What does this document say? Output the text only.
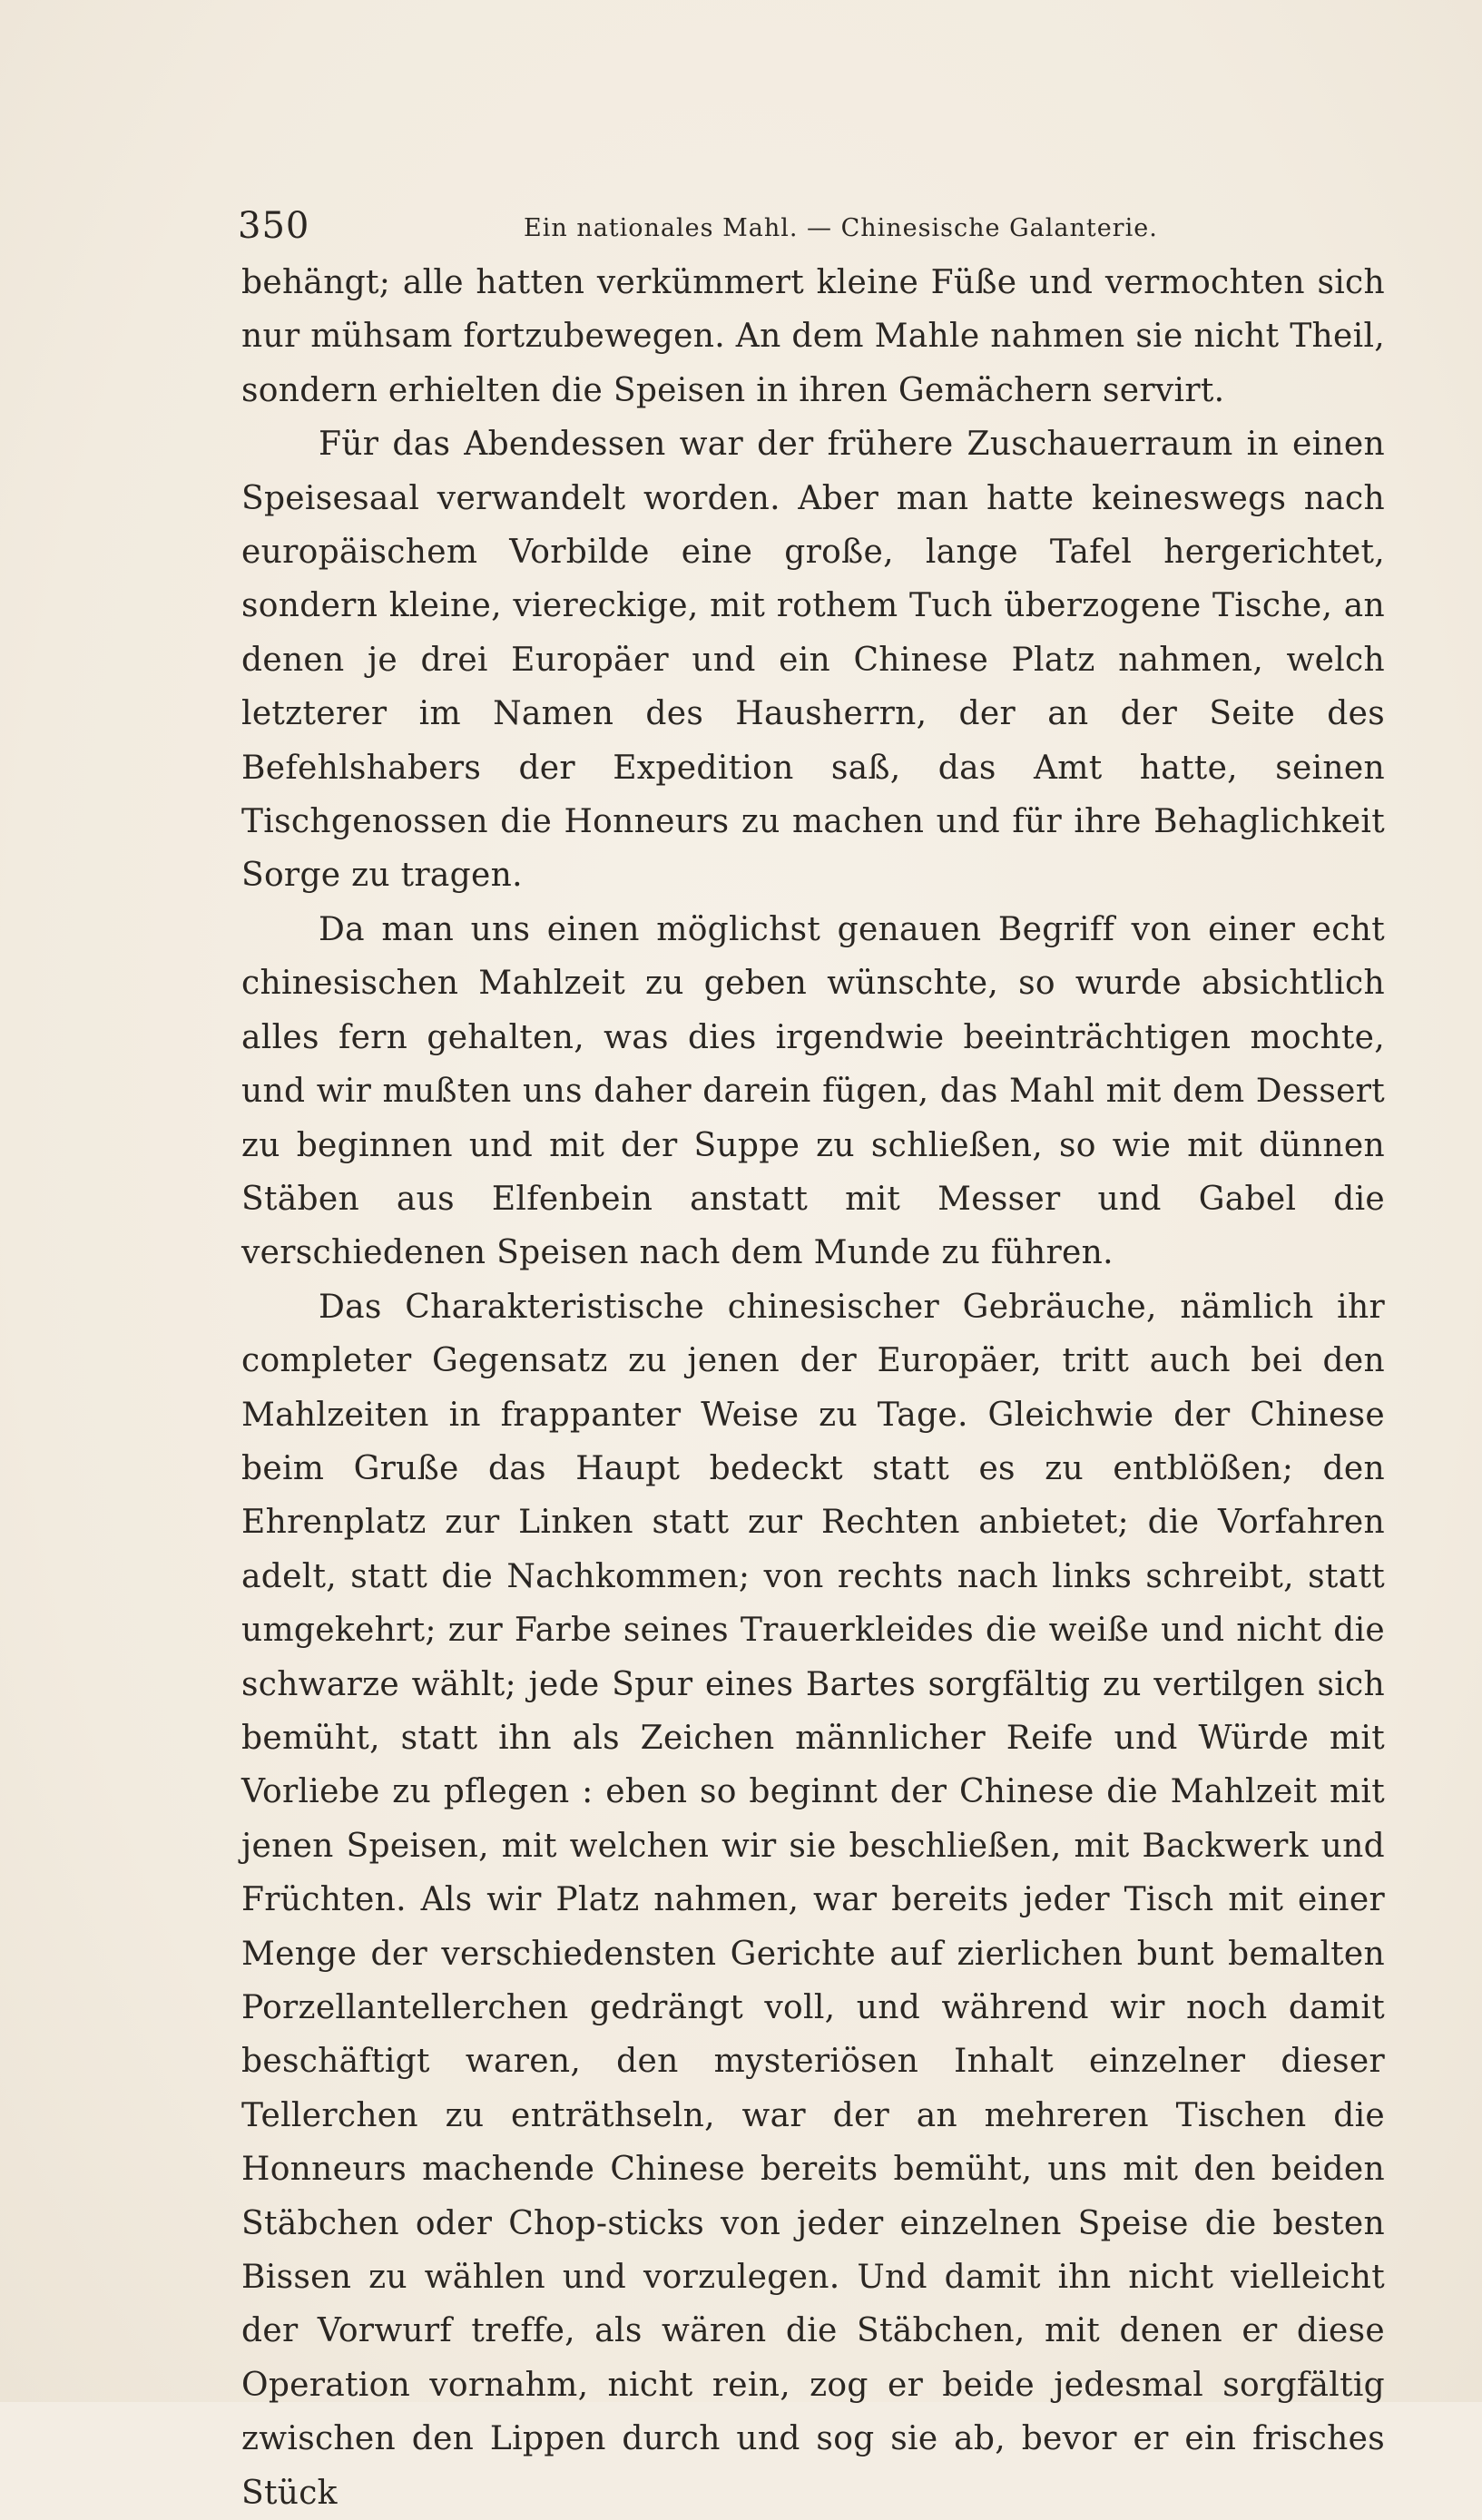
350	Ein nationales Mahl. — Chinesische Galanterie.

behängt; alle hatten verkümmert kleine Füße und vermochten sich nur mühsam fortzubewegen. An dem Mahle nahmen sie nicht Theil, sondern erhielten die Speisen in ihren Gemächern servirt.

Für das Abendessen war der frühere Zuschauerraum in einen Speisesaal verwandelt worden. Aber man hatte keineswegs nach europäischem Vorbilde eine große, lange Tafel hergerichtet, sondern kleine, viereckige, mit rothem Tuch überzogene Tische, an denen je drei Europäer und ein Chinese Platz nahmen, welch letzterer im Namen des Hausherrn, der an der Seite des Befehlshabers der Expedition saß, das Amt hatte, seinen Tischgenossen die Honneurs zu machen und für ihre Behaglichkeit Sorge zu tragen.

Da man uns einen möglichst genauen Begriff von einer echt chinesischen Mahlzeit zu geben wünschte, so wurde absichtlich alles fern gehalten, was dies irgendwie beeinträchtigen mochte, und wir mußten uns daher darein fügen, das Mahl mit dem Dessert zu beginnen und mit der Suppe zu schließen, so wie mit dünnen Stäben aus Elfenbein anstatt mit Messer und Gabel die verschiedenen Speisen nach dem Munde zu führen.

Das Charakteristische chinesischer Gebräuche, nämlich ihr completer Gegensatz zu jenen der Europäer, tritt auch bei den Mahlzeiten in frappanter Weise zu Tage. Gleichwie der Chinese beim Gruße das Haupt bedeckt statt es zu entblößen; den Ehrenplatz zur Linken statt zur Rechten anbietet; die Vorfahren adelt, statt die Nachkommen; von rechts nach links schreibt, statt umgekehrt; zur Farbe seines Trauerkleides die weiße und nicht die schwarze wählt; jede Spur eines Bartes sorgfältig zu vertilgen sich bemüht, statt ihn als Zeichen männlicher Reife und Würde mit Vorliebe zu pflegen : eben so beginnt der Chinese die Mahlzeit mit jenen Speisen, mit welchen wir sie beschließen, mit Backwerk und Früchten. Als wir Platz nahmen, war bereits jeder Tisch mit einer Menge der verschiedensten Gerichte auf zierlichen bunt bemalten Porzellantellerchen gedrängt voll, und während wir noch damit beschäftigt waren, den mysteriösen Inhalt einzelner dieser Tellerchen zu enträthseln, war der an mehreren Tischen die Honneurs machende Chinese bereits bemüht, uns mit den beiden Stäbchen oder Chop-sticks von jeder einzelnen Speise die besten Bissen zu wählen und vorzulegen. Und damit ihn nicht vielleicht der Vorwurf treffe, als wären die Stäbchen, mit denen er diese Operation vornahm, nicht rein, zog er beide jedesmal sorgfältig zwischen den Lippen durch und sog sie ab, bevor er ein frisches Stück
